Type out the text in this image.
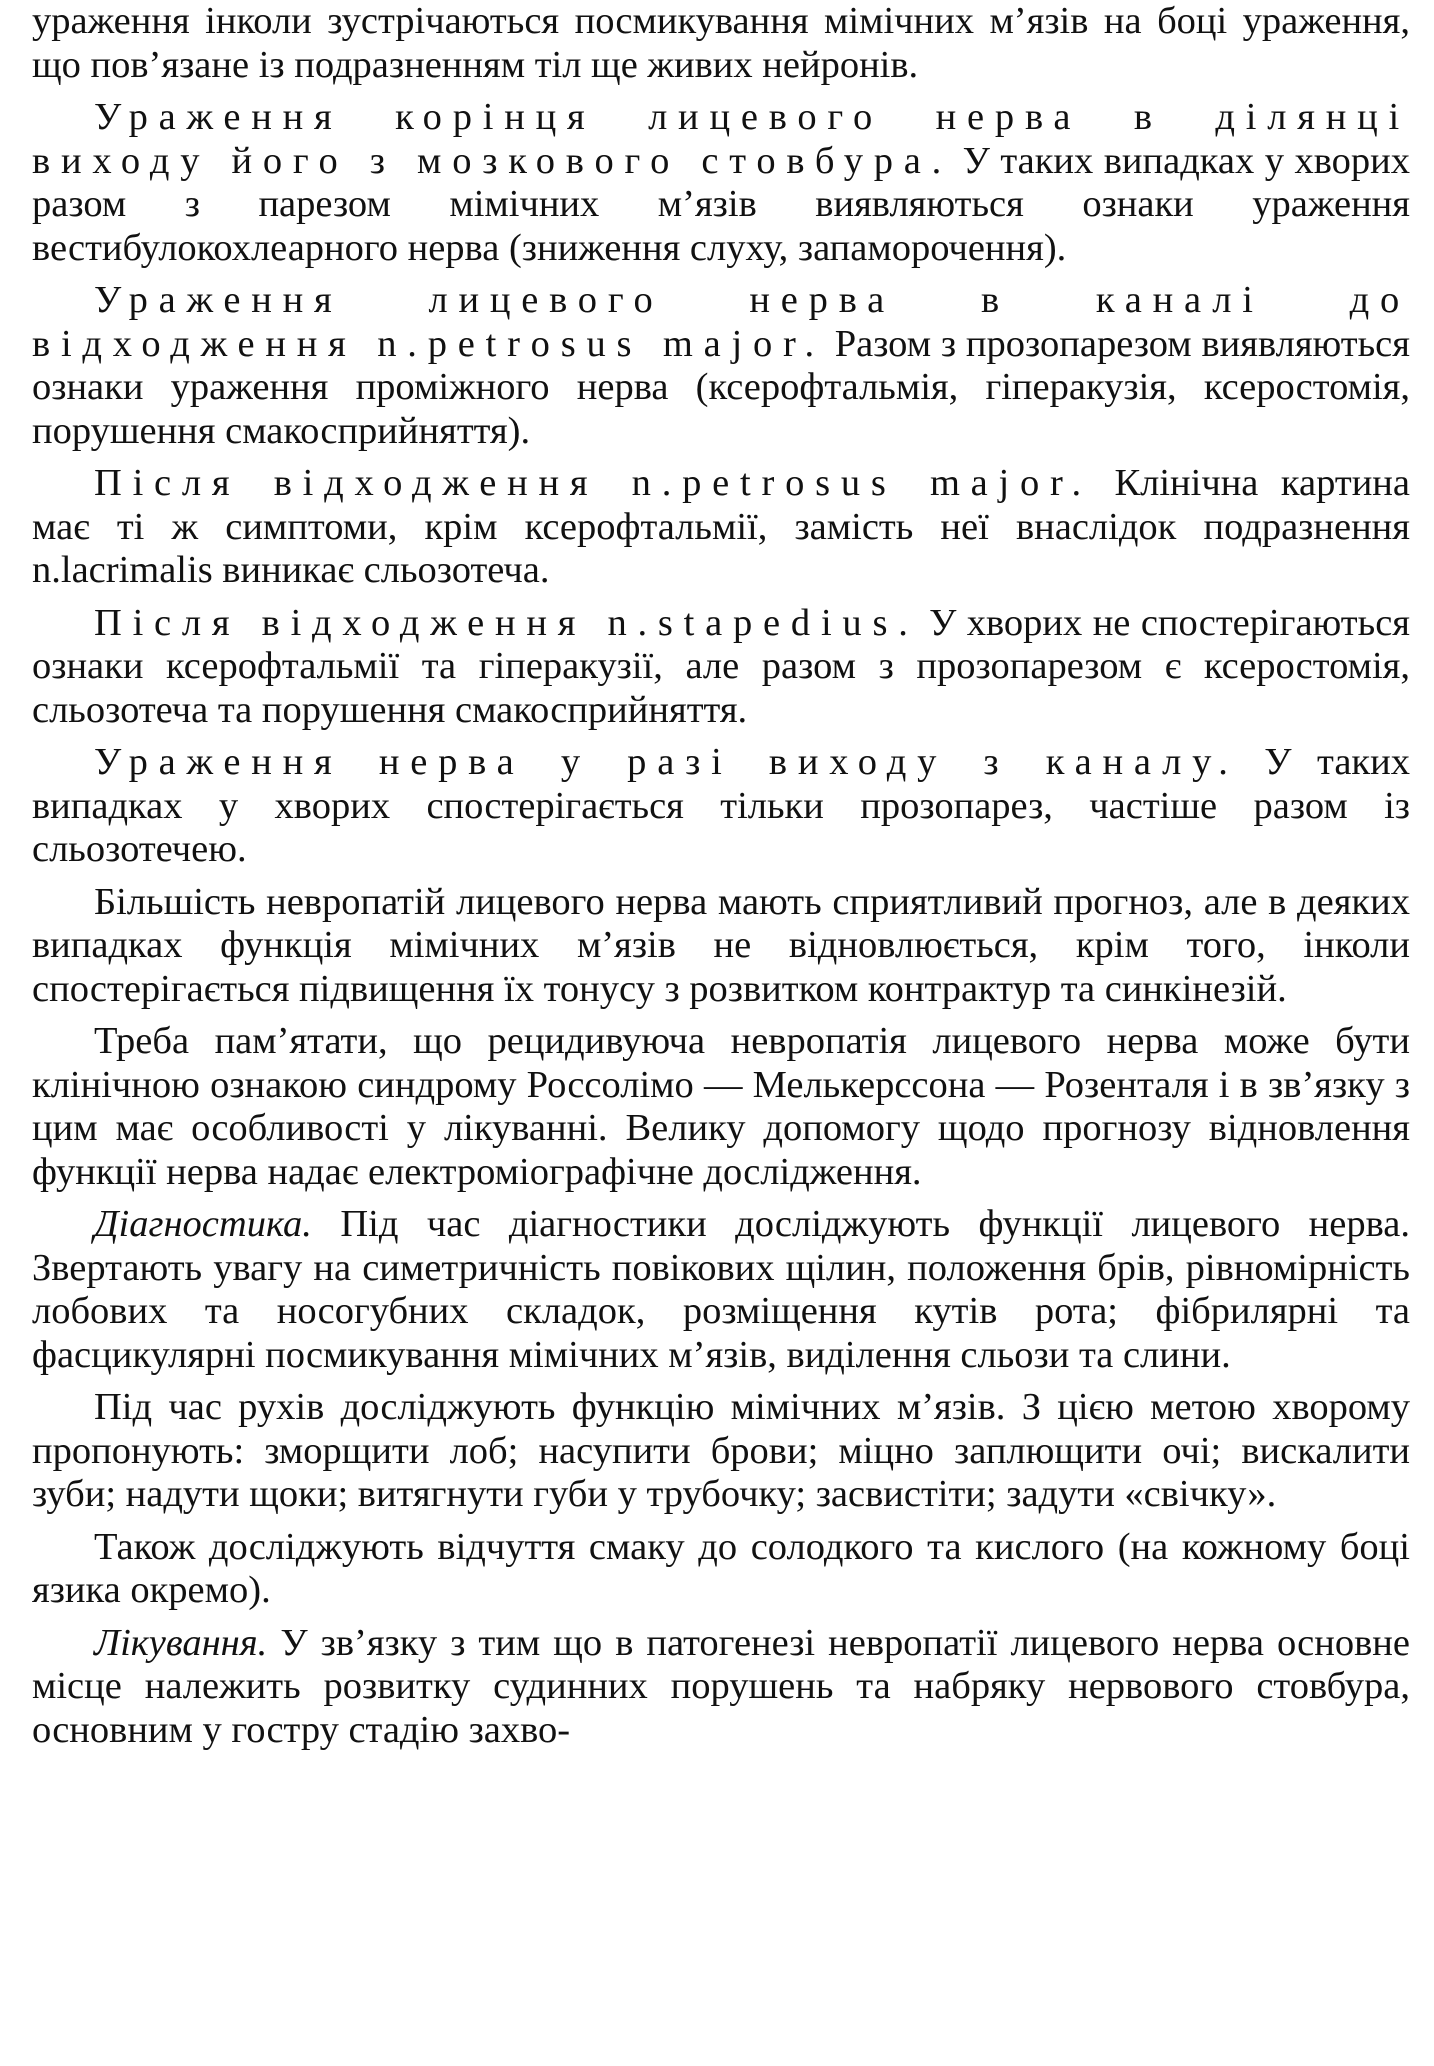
ураження інколи зустрічаються посмикування мімічних м’язів на боці ураження, що пов’язане із подразненням тіл ще живих нейронів.

Ураження корінця лицевого нерва в ділянці виходу його з мозкового стовбура. У таких випадках у хворих разом з парезом мімічних м’язів виявляються ознаки ураження вестибулокохлеарного нерва (зниження слуху, запаморочення).

Ураження лицевого нерва в каналі до відходження n.petrosus major. Разом з прозопарезом виявляються ознаки ураження проміжного нерва (ксерофтальмія, гіперакузія, ксеростомія, порушення смакосприйняття).

Після відходження n.petrosus major. Клінічна картина має ті ж симптоми, крім ксерофтальмії, замість неї внаслідок подразнення n.lacrimalis виникає сльозотеча.

Після відходження n.stapedius. У хворих не спостерігаються ознаки ксерофтальмії та гіперакузії, але разом з прозопарезом є ксеростомія, сльозотеча та порушення смакосприйняття.

Ураження нерва у разі виходу з каналу. У таких випадках у хворих спостерігається тільки прозопарез, частіше разом із сльозотечею.

Більшість невропатій лицевого нерва мають сприятливий прогноз, але в деяких випадках функція мімічних м’язів не відновлюється, крім того, інколи спостерігається підвищення їх тонусу з розвитком контрактур та синкінезій.

Треба пам’ятати, що рецидивуюча невропатія лицевого нерва може бути клінічною ознакою синдрому Россолімо — Мелькерссона — Розенталя і в зв’язку з цим має особливості у лікуванні. Велику допомогу щодо прогнозу відновлення функції нерва надає електроміографічне дослідження.

Діагностика. Під час діагностики досліджують функції лицевого нерва. Звертають увагу на симетричність повікових щілин, положення брів, рівномірність лобових та носогубних складок, розміщення кутів рота; фібрилярні та фасцикулярні посмикування мімічних м’язів, виділення сльози та слини.

Під час рухів досліджують функцію мімічних м’язів. З цією метою хворому пропонують: зморщити лоб; насупити брови; міцно заплющити очі; вискалити зуби; надути щоки; витягнути губи у трубочку; засвистіти; задути «свічку».

Також досліджують відчуття смаку до солодкого та кислого (на кожному боці язика окремо).

Лікування. У зв’язку з тим що в патогенезі невропатії лицевого нерва основне місце належить розвитку судинних порушень та набряку нервового стовбура, основним у гостру стадію захво-
